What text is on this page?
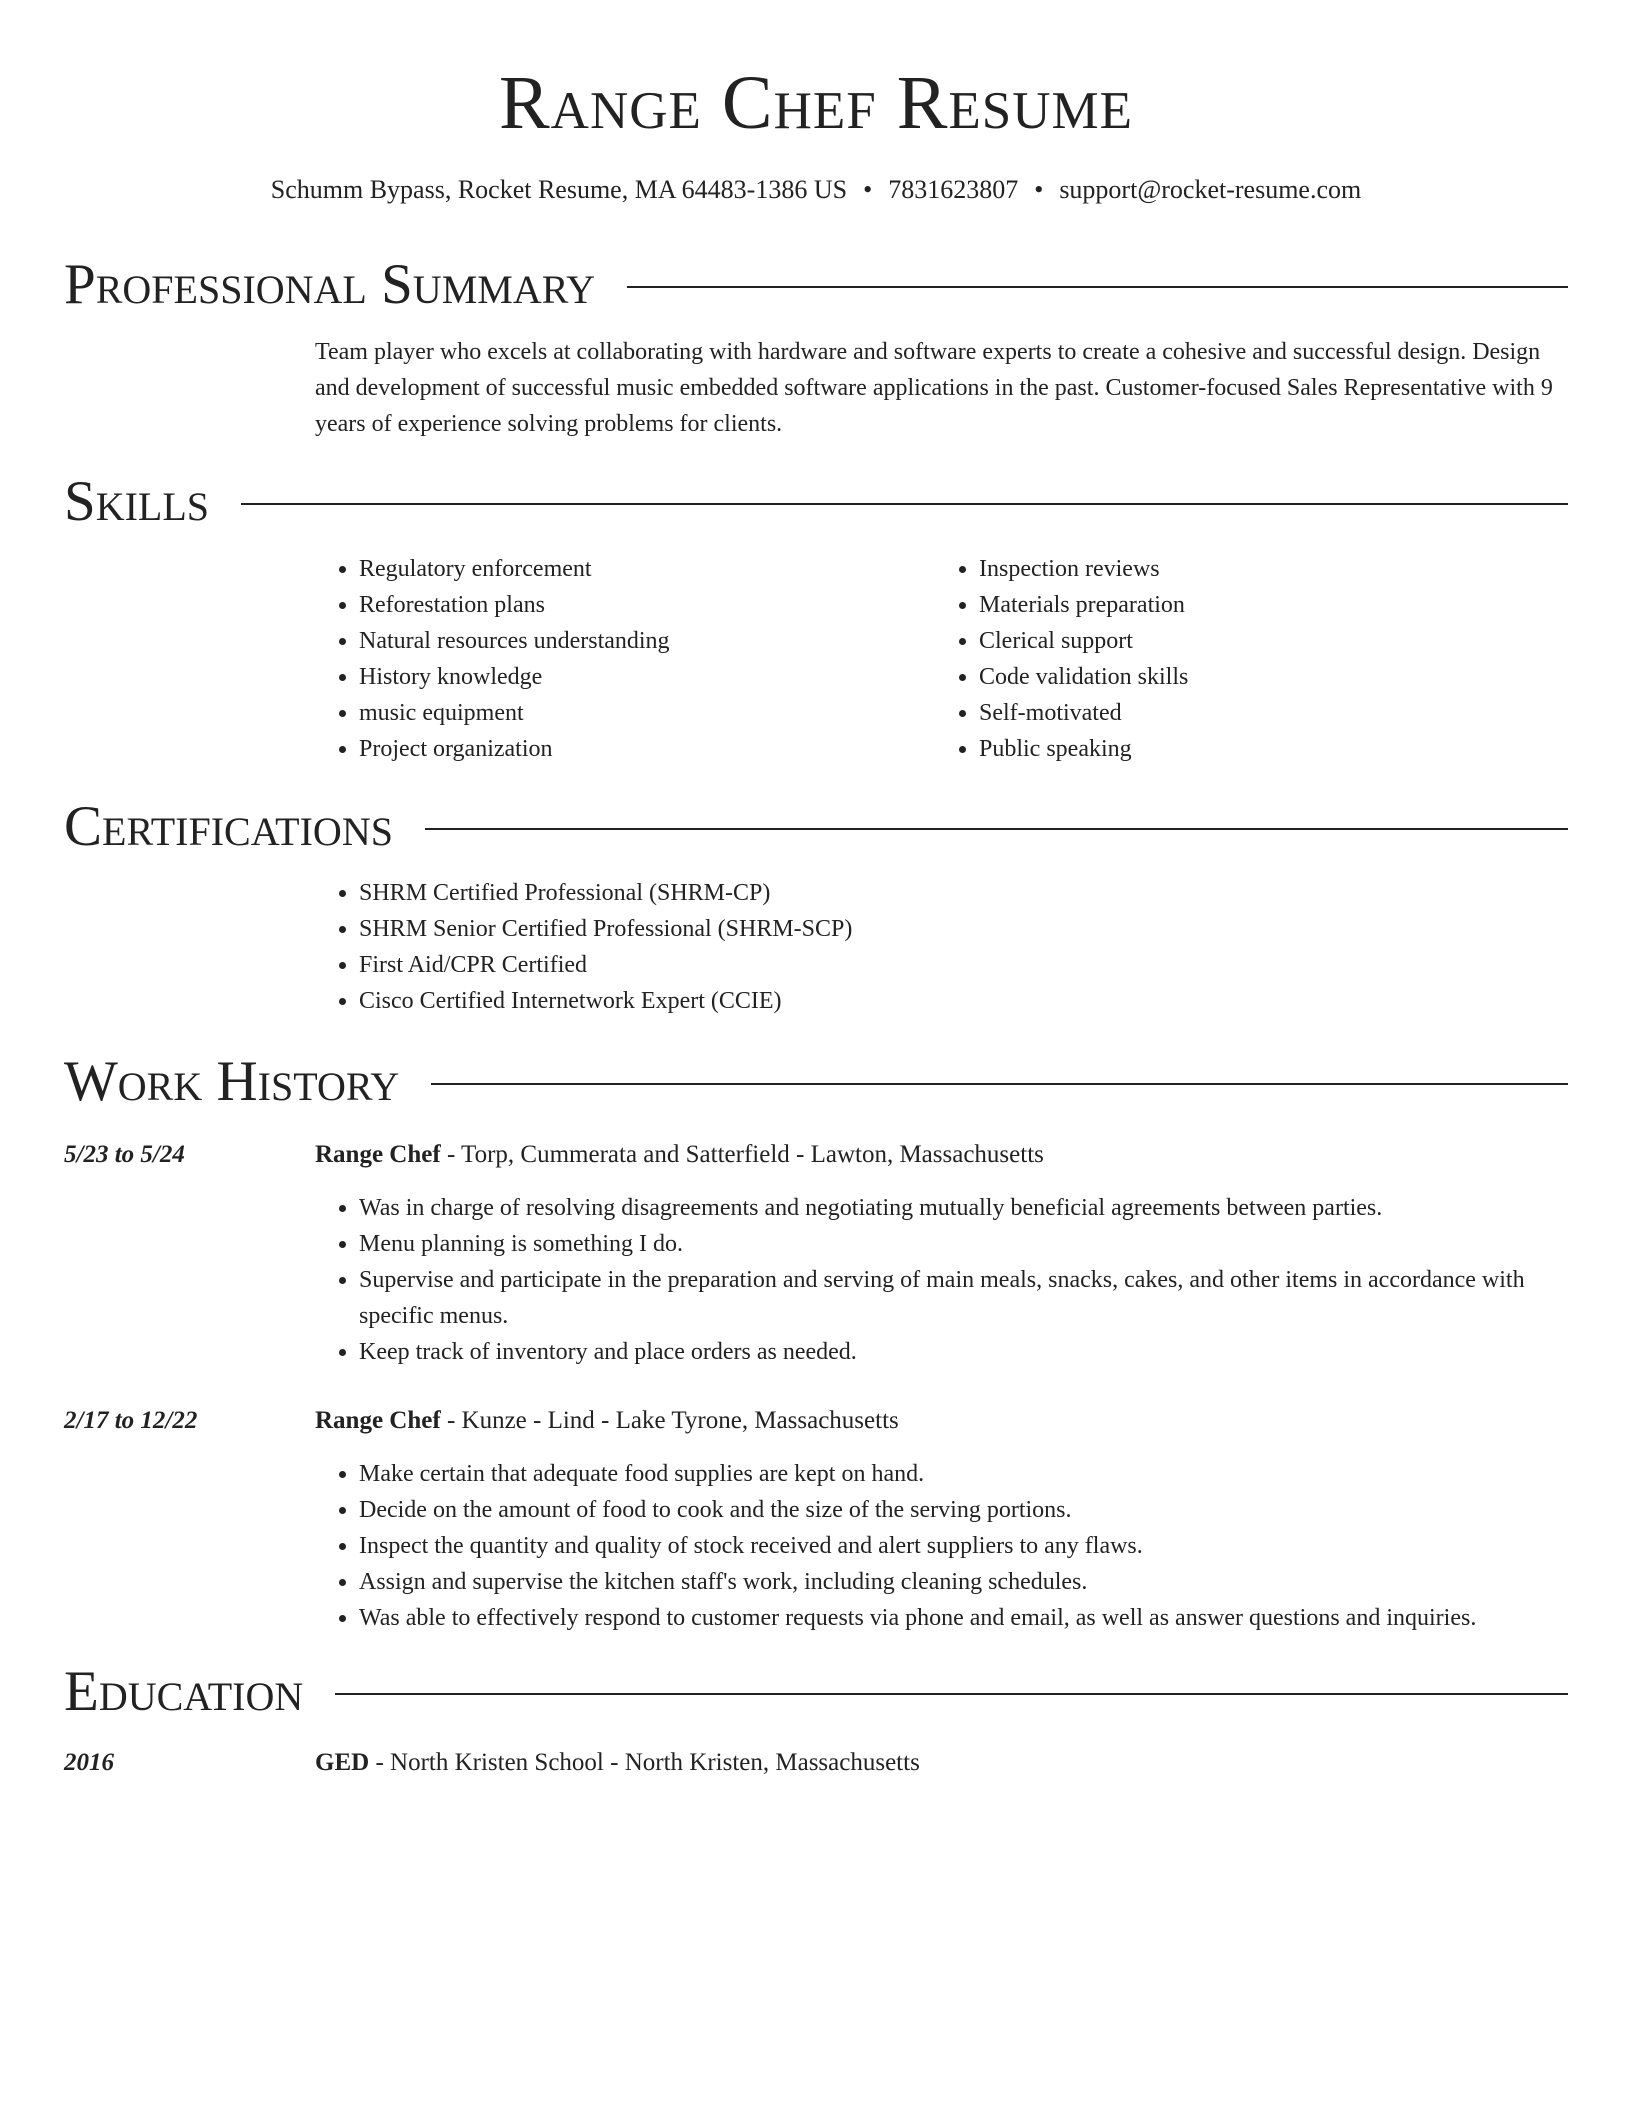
Range Chef Resume
Schumm Bypass, Rocket Resume, MA 64483-1386 US • 7831623807 • support@rocket-resume.com
Professional Summary

Team player who excels at collaborating with hardware and software experts to create a cohesive and successful design. Design and development of successful music embedded software applications in the past. Customer-focused Sales Representative with 9 years of experience solving problems for clients.

Skills
• Regulatory enforcement
• Reforestation plans
• Natural resources understanding
• History knowledge
• music equipment
• Project organization
• Inspection reviews
• Materials preparation
• Clerical support
• Code validation skills
• Self-motivated
• Public speaking
Certifications
• SHRM Certified Professional (SHRM-CP)
• SHRM Senior Certified Professional (SHRM-SCP)
• First Aid/CPR Certified
• Cisco Certified Internetwork Expert (CCIE)
Work History
5/23 to 5/24	Range Chef - Torp, Cummerata and Satterfield - Lawton, Massachusetts
• Was in charge of resolving disagreements and negotiating mutually beneficial agreements between parties.
• Menu planning is something I do.
• Supervise and participate in the preparation and serving of main meals, snacks, cakes, and other items in accordance with specific menus.
• Keep track of inventory and place orders as needed.
2/17 to 12/22	Range Chef - Kunze - Lind - Lake Tyrone, Massachusetts
• Make certain that adequate food supplies are kept on hand.
• Decide on the amount of food to cook and the size of the serving portions.
• Inspect the quantity and quality of stock received and alert suppliers to any flaws.
• Assign and supervise the kitchen staff's work, including cleaning schedules.
• Was able to effectively respond to customer requests via phone and email, as well as answer questions and inquiries.
Education
2016	GED - North Kristen School - North Kristen, Massachusetts
